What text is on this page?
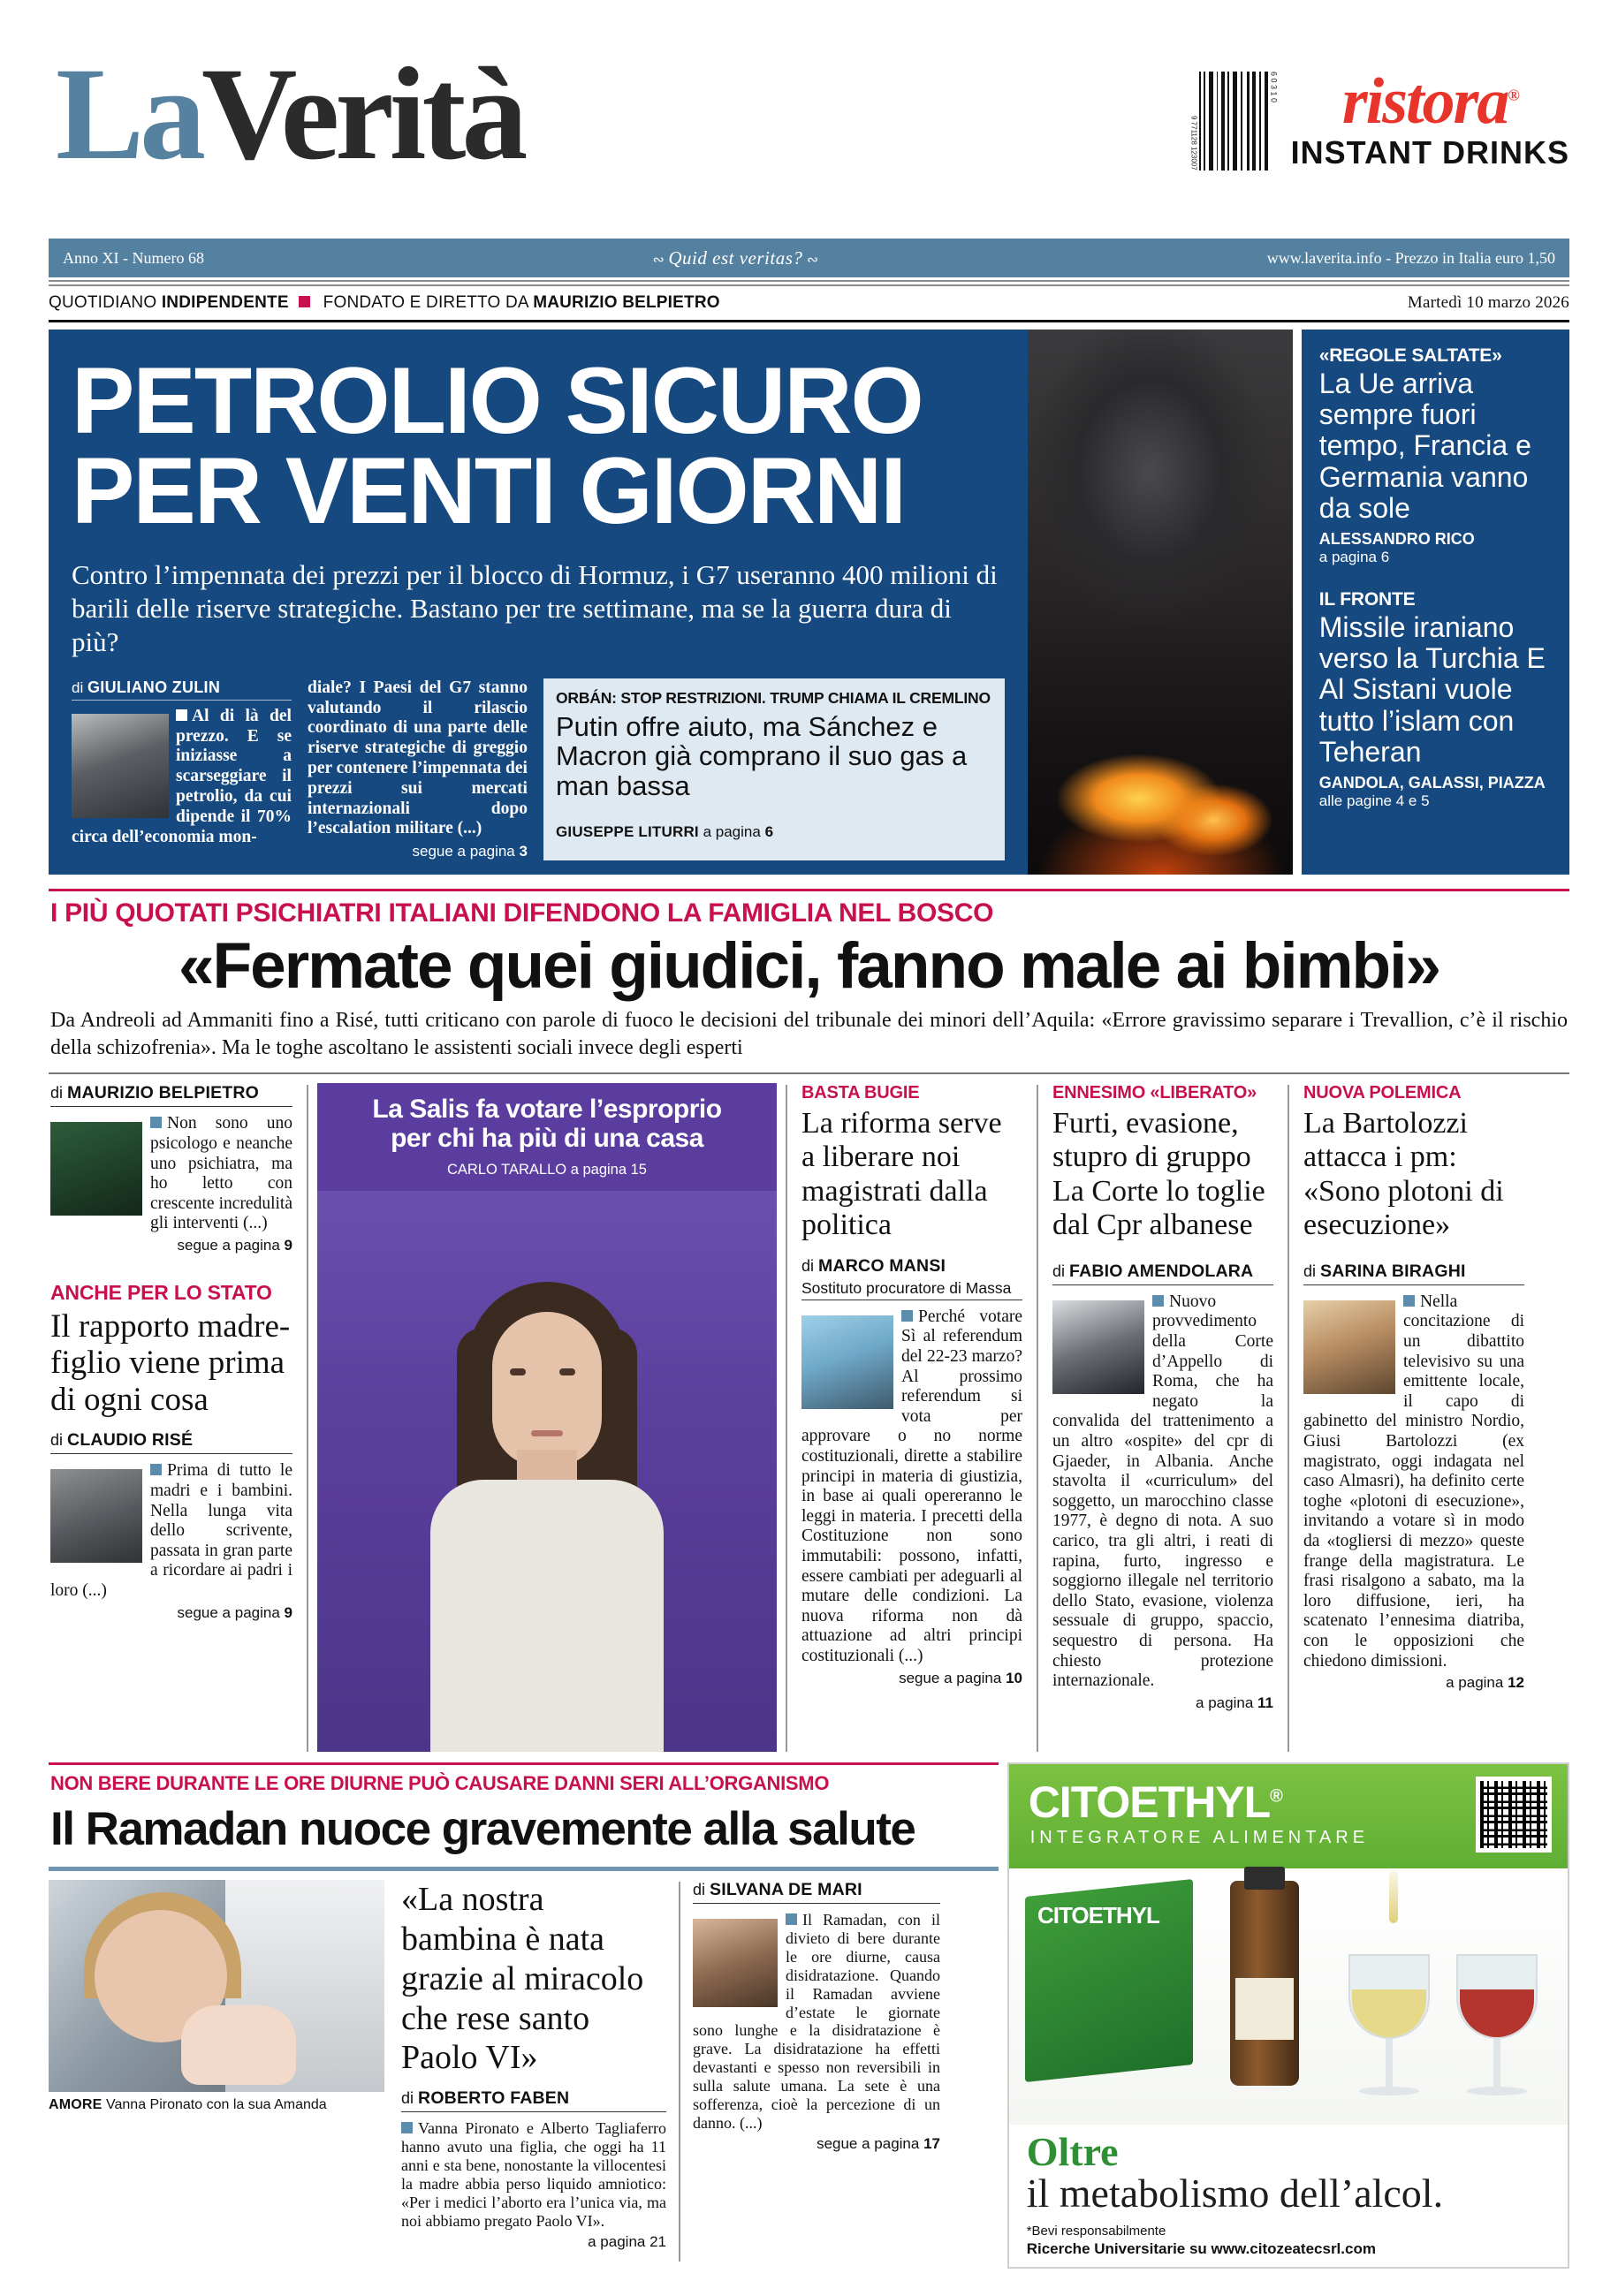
LaVerità	6 0 3 1 0
9 771128 123007
ristora®
INSTANT DRINKS
Anno XI - Numero 68	∾ Quid est veritas? ∾	www.laverita.info - Prezzo in Italia euro 1,50
QUOTIDIANO INDIPENDENTE FONDATO E DIRETTO DA MAURIZIO BELPIETRO	Martedì 10 marzo 2026
PETROLIO SICURO
PER VENTI GIORNI
Contro l’impennata dei prezzi per il blocco di Hormuz, i G7 useranno 400 milioni di barili delle riserve strategiche. Bastano per tre settimane, ma se la guerra dura di più?
di GIULIANO ZULIN
Al di là del prezzo. E se iniziasse a scarseggiare il petrolio, da cui dipende il 70% circa dell’economia mon-
diale? I Paesi del G7 stanno valutando il rilascio coordinato di una parte delle riserve strategiche di greggio per contenere l’impennata dei prezzi sui mercati internazionali dopo l’escalation militare (...)
segue a pagina 3
ORBÁN: STOP RESTRIZIONI. TRUMP CHIAMA IL CREMLINO
Putin offre aiuto, ma Sánchez e Macron già comprano il suo gas a man bassa
GIUSEPPE LITURRI a pagina 6
«REGOLE SALTATE»
La Ue arriva sempre fuori tempo, Francia e Germania vanno da sole
ALESSANDRO RICO
a pagina 6
IL FRONTE
Missile iraniano verso la Turchia E Al Sistani vuole tutto l’islam con Teheran
GANDOLA, GALASSI, PIAZZA
alle pagine 4 e 5
I PIÙ QUOTATI PSICHIATRI ITALIANI DIFENDONO LA FAMIGLIA NEL BOSCO
«Fermate quei giudici, fanno male ai bimbi»
Da Andreoli ad Ammaniti fino a Risé, tutti criticano con parole di fuoco le decisioni del tribunale dei minori dell’Aquila: «Errore gravissimo separare i Trevallion, c’è il rischio della schizofrenia». Ma le toghe ascoltano le assistenti sociali invece degli esperti
di MAURIZIO BELPIETRO
Non sono uno psicologo e neanche uno psichiatra, ma ho letto con crescente incredulità gli interventi (...)
segue a pagina 9
ANCHE PER LO STATO
Il rapporto madre-figlio viene prima di ogni cosa
di CLAUDIO RISÉ
Prima di tutto le madri e i bambini. Nella lunga vita dello scrivente, passata in gran parte a ricordare ai padri i loro (...)
segue a pagina 9
La Salis fa votare l’esproprio
per chi ha più di una casa
CARLO TARALLO a pagina 15
BASTA BUGIE
La riforma serve a liberare noi magistrati dalla politica
di MARCO MANSI
Sostituto procuratore di Massa
Perché votare Sì al referendum del 22-23 marzo? Al prossimo referendum si vota per approvare o no norme costituzionali, dirette a stabilire principi in materia di giustizia, in base ai quali opereranno le leggi in materia. I precetti della Costituzione non sono immutabili: possono, infatti, essere cambiati per adeguarli al mutare delle condizioni. La nuova riforma non dà attuazione ad altri principi costituzionali (...)
segue a pagina 10
ENNESIMO «LIBERATO»
Furti, evasione, stupro di gruppo La Corte lo toglie dal Cpr albanese
di FABIO AMENDOLARA
Nuovo provvedimento della Corte d’Appello di Roma, che ha negato la convalida del trattenimento a un altro «ospite» del cpr di Gjaeder, in Albania. Anche stavolta il «curriculum» del soggetto, un marocchino classe 1977, è degno di nota. A suo carico, tra gli altri, i reati di rapina, furto, ingresso e soggiorno illegale nel territorio dello Stato, evasione, violenza sessuale di gruppo, spaccio, sequestro di persona. Ha chiesto protezione internazionale.
a pagina 11
NUOVA POLEMICA
La Bartolozzi attacca i pm: «Sono plotoni di esecuzione»
di SARINA BIRAGHI
Nella concitazione di un dibattito televisivo su una emittente locale, il capo di gabinetto del ministro Nordio, Giusi Bartolozzi (ex magistrato, oggi indagata nel caso Almasri), ha definito certe toghe «plotoni di esecuzione», invitando a votare sì in modo da «togliersi di mezzo» queste frange della magistratura. Le frasi risalgono a sabato, ma la loro diffusione, ieri, ha scatenato l’ennesima diatriba, con le opposizioni che chiedono dimissioni.
a pagina 12
NON BERE DURANTE LE ORE DIURNE PUÒ CAUSARE DANNI SERI ALL’ORGANISMO
Il Ramadan nuoce gravemente alla salute
AMORE Vanna Pironato con la sua Amanda
«La nostra bambina è nata grazie al miracolo che rese santo Paolo VI»
di ROBERTO FABEN
Vanna Pironato e Alberto Tagliaferro hanno avuto una figlia, che oggi ha 11 anni e sta bene, nonostante la villocentesi la madre abbia perso liquido amniotico: «Per i medici l’aborto era l’unica via, ma noi abbiamo pregato Paolo VI».
a pagina 21
di SILVANA DE MARI
Il Ramadan, con il divieto di bere durante le ore diurne, causa disidratazione. Quando il Ramadan avviene d’estate le giornate sono lunghe e la disidratazione è grave. La disidratazione ha effetti devastanti e spesso non reversibili in sulla salute umana. La sete è una sofferenza, cioè la percezione di un danno. (...)
segue a pagina 17
CITOETHYL®
INTEGRATORE ALIMENTARE
CITOETHYL
Oltre
il metabolismo dell’alcol.
*Bevi responsabilmente
Ricerche Universitarie su www.citozeatecsrl.com
